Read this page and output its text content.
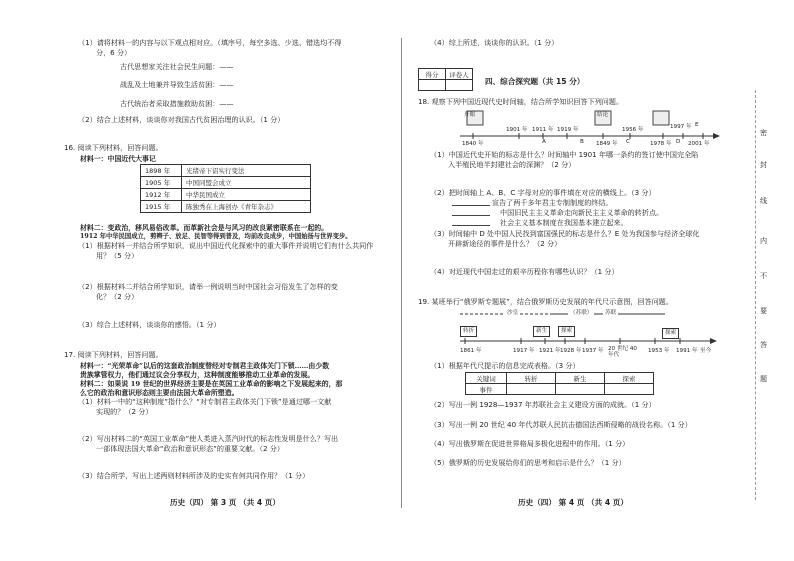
（1）请将材料一的内容与以下观点相对应。（填序号，每空多选、少选、错选均不得
分，6 分）
古代思想家关注社会民生问题：——
战乱及土地兼并导致生活贫困：——
古代统治者采取措施救助贫困：——
（2）结合上述材料，谈谈你对我国古代贫困治理的认识。（1 分）
16. 阅读下列材料，回答问题。
材料一：中国近代大事记
1898 年	光绪帝下诏实行变法
1905 年	中国同盟会成立
1912 年	中华民国成立
1915 年	陈独秀在上海创办《青年杂志》
材料二：变政治，移风易俗改革。而革新社会是与风习的改良紧密联系在一起的。
1912 年中华民国成立，剪辫子、放足、民智等得到普及，均前改良成步，中国始扬与世界变步。
（1）根据材料一并结合所学知识，说出中国近代化探索中的重大事件并说明它们有什么共同作
用？（5 分）
（2）根据材料二并结合所学知识，请举一例说明当时中国社会习俗发生了怎样的变
化？（2 分）
（3）综合上述材料，谈谈你的感悟。（1 分）
17. 阅读下列材料，回答问题。
材料一：“光荣革命”以后的这套政治制度替经对专制君主政体关门下锁……由少数
贵族掌管权力，他们通过议会分享权力，这种制度能够推动工业革命的发展。
材料二：如果说 19 世纪的世界经济主要是在英国工业革命的影响之下发展起来的，那
么它的政治和意识形态则主要由法国大革命所塑造。
（1）材料一中的“这种制度”指什么？“对专制君主政体关门下锁”是通过哪一文献
实现的？（2 分）
（2）写出材料二的“英国工业革命”使人类进入蒸汽时代的标志性发明是什么？写出
一部体现法国大革命“政治和意识形态”的重要文献。（2 分）
（3）结合所学，写出上述两则材料所涉及的史实有何共同作用？（1 分）
历史（四） 第 3 页 （共 4 页）
（4）综上所述，谈谈你的认识。（1 分）
得分	评卷人

四、综合探究题（共 15 分）
18. 观察下列中国近现代史时间轴，结合所学知识回答下列问题。
开眼
1901 年 1911 年 1919 年
结论
1956 年	1997 年 E
1840 年	A	B 1849 年 C	1978 年 D 2001 年
（1）中国近代史开始的标志是什么？时间轴中 1901 年哪一条约的签订使中国完全陷
入半殖民地半封建社会的深渊？（2 分）
（2）把时间轴上 A、B、C 字母对应的事件填在对应的横线上。（3 分）
宣告了两千多年君主专制制度的终结。
中国旧民主主义革命走向新民主主义革命的转折点。
社会主义基本制度在我国基本建立起来。
（3）时间轴中 D 处中国人民找到富国强民的标志是什么？E 处为我国参与经济全球化
开辟新途径的事件是什么？（2 分）
（4）对近现代中国走过的艰辛历程你有哪些认识？（1 分）
19. 某班举行“俄罗斯专题展”，结合俄罗斯历史发展的年代尺示意图，回答问题。
沙皇	（苏联）	苏联
转折	新生	探索	探索
1861 年	1917 年 1921 年 1928 年 1937 年 20 世纪 40 年代
1953 年 1991 年 至今
（1）根据年代尺提示的信息完成表格。（3 分）
关键词	转折	新生	探索
事件			
（2）写出一例 1928—1937 年苏联社会主义建设方面的成就。（1 分）
（3）写出一例 20 世纪 40 年代苏联人民抗击德国法西斯侵略的战役名称。（1 分）
（4）写出俄罗斯在促进世界格局多极化进程中的作用。（1 分）
（5）俄罗斯的历史发展给你们的思考和启示是什么？（1 分）
历史（四） 第 4 页 （共 4 页）
密
封
线
内
不
要
答
题
